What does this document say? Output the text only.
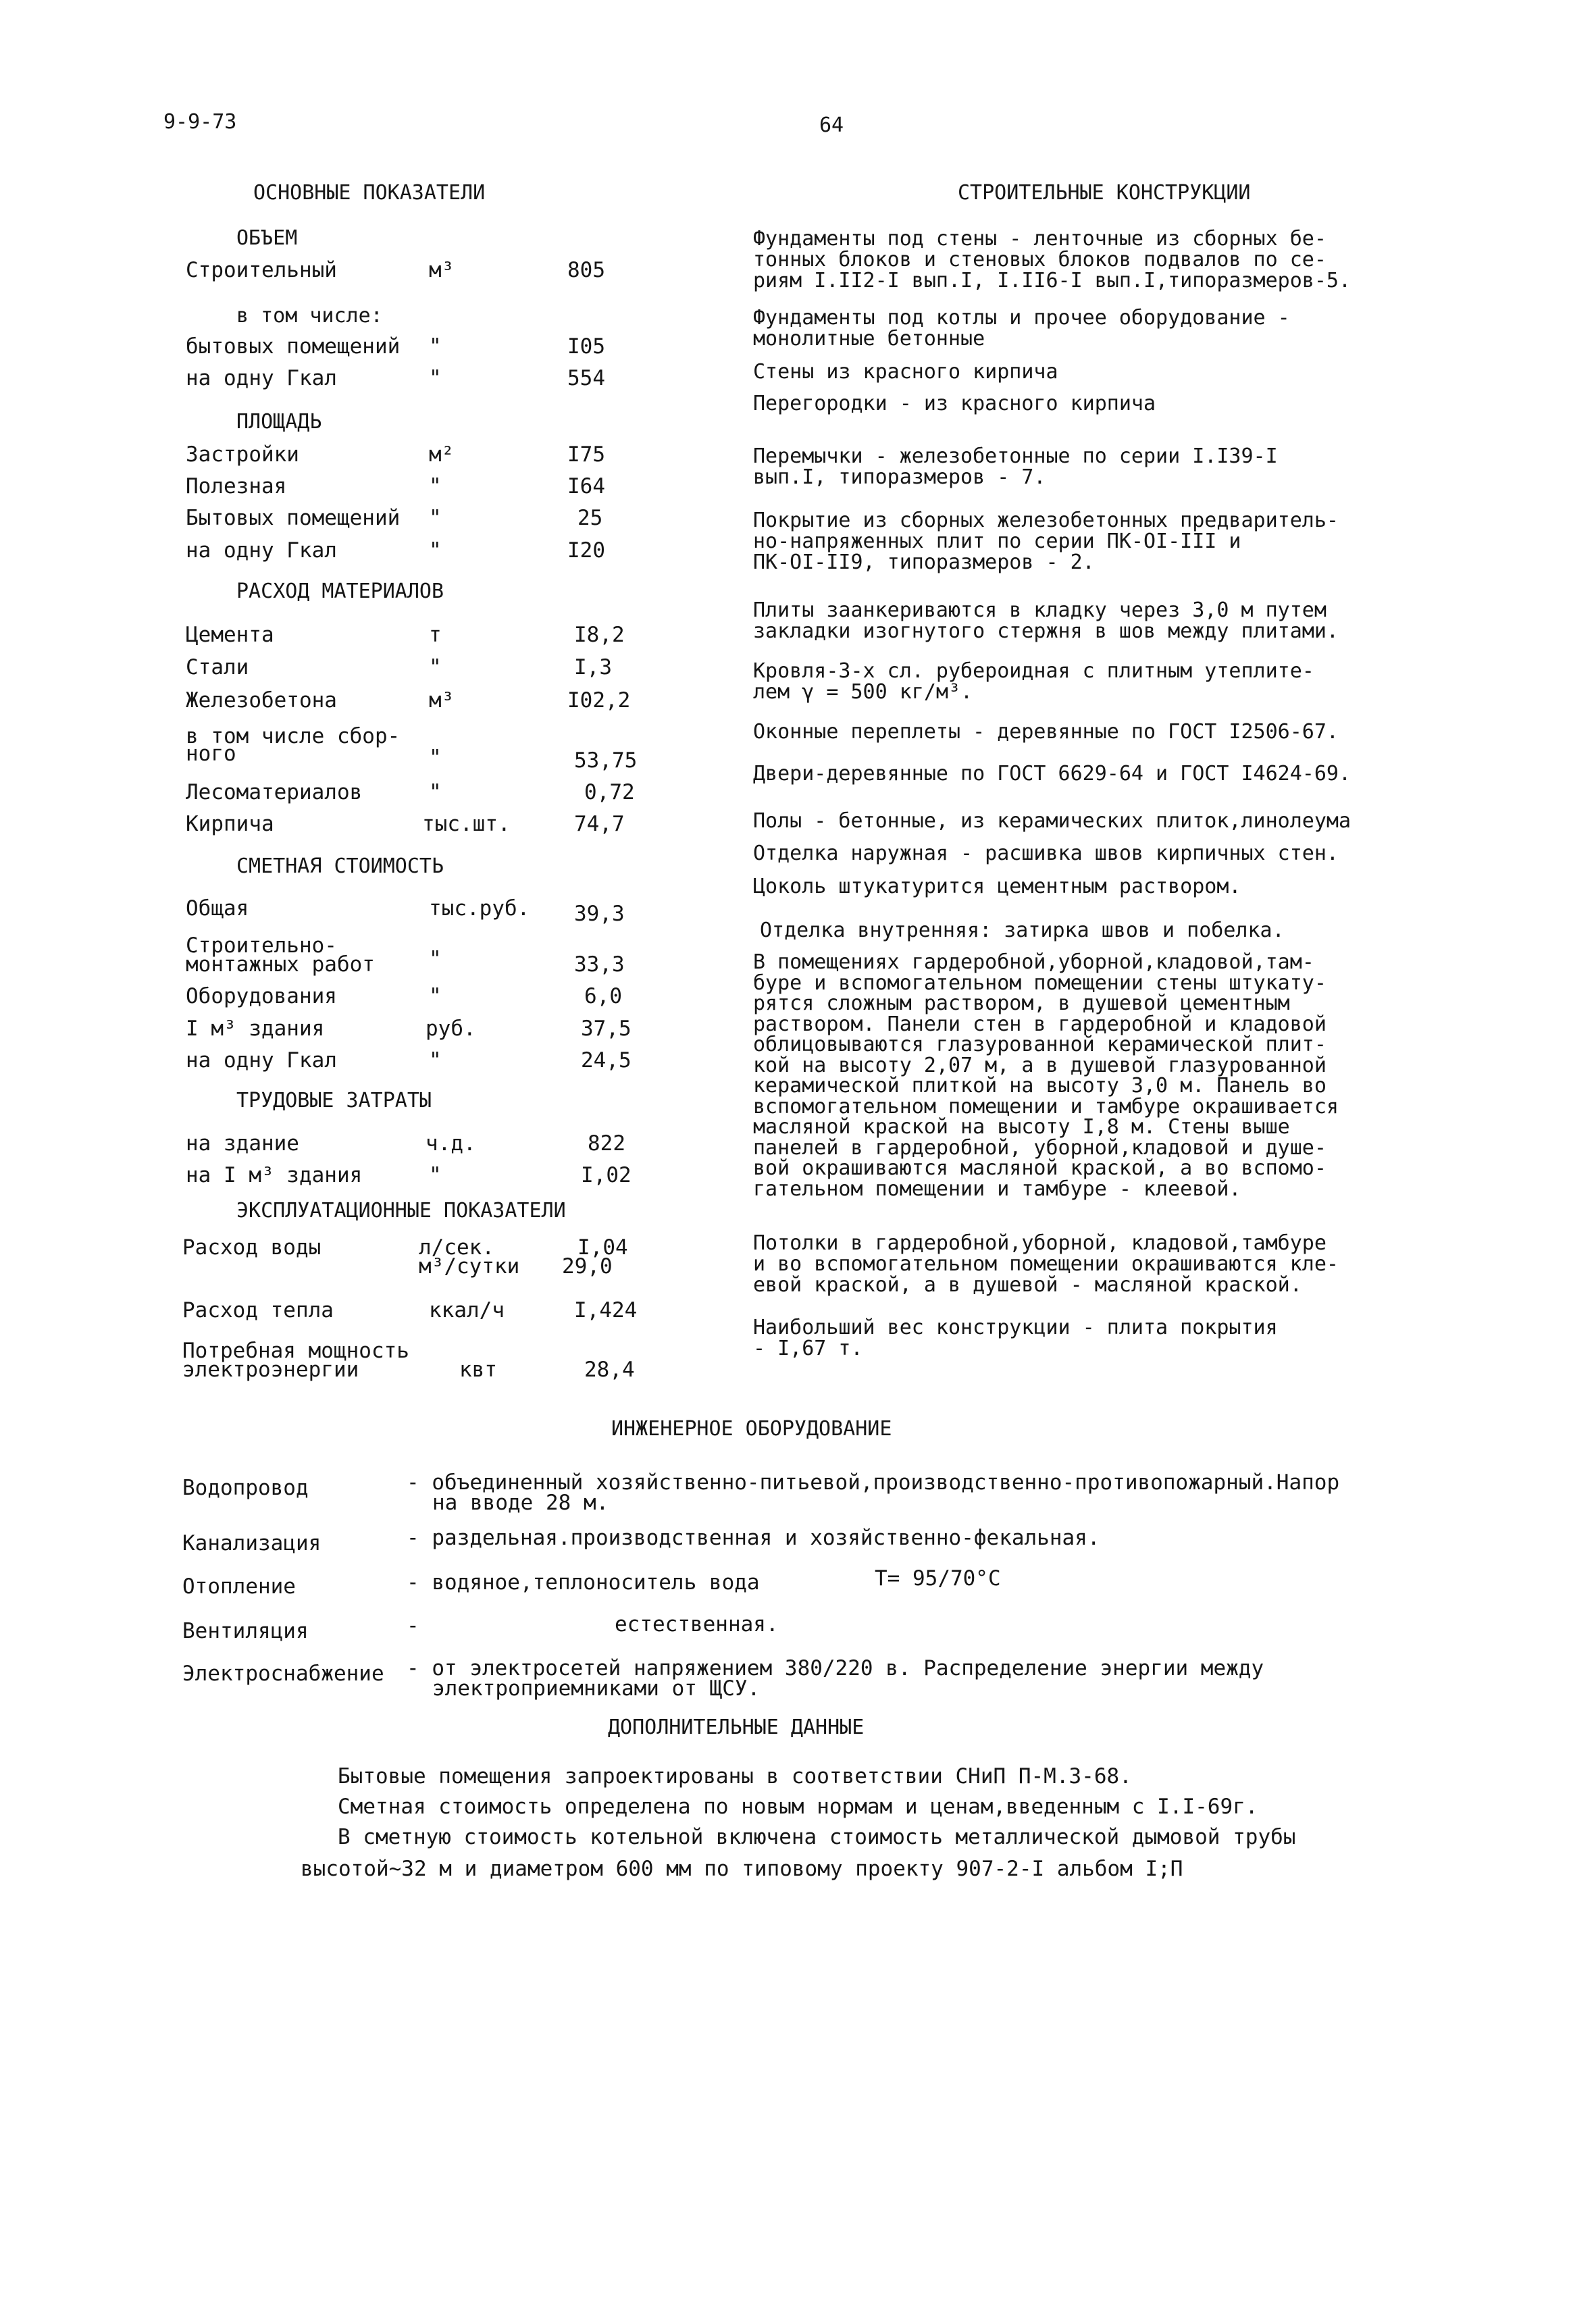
9-9-73	64
ОСНОВНЫЕ ПОКАЗАТЕЛИ
ОБЪЕМ
Строительный	м³	805
в том числе:
бытовых помещений "	I05
на одну Гкал	"	554
ПЛОЩАДЬ
Застройки	м²	I75
Полезная	"	I64
Бытовых помещений "	25
на одну Гкал	"	I20
РАСХОД МАТЕРИАЛОВ
Цемента	т	I8,2
Стали	"	I,3
Железобетона	м³	I02,2
в том числе сбор-
ного	"	53,75
Лесоматериалов	"	0,72
Кирпича	тыс.шт.	74,7
СМЕТНАЯ СТОИМОСТЬ
Общая	тыс.руб. 39,3
Строительно-
монтажных работ	"	33,3
Оборудования	"	6,0
I м³ здания	руб.	37,5
на одну Гкал	"	24,5
ТРУДОВЫЕ ЗАТРАТЫ
на здание	ч.д.	822
на I м³ здания	"	I,02
ЭКСПЛУАТАЦИОННЫЕ ПОКАЗАТЕЛИ
Расход воды	л/сек.	I,04
м³/сутки 29,0
Расход тепла	ккал/ч	I,424
Потребная мощность
электроэнергии	квт	28,4
СТРОИТЕЛЬНЫЕ КОНСТРУКЦИИ
Фундаменты под стены - ленточные из сборных бе-
тонных блоков и стеновых блоков подвалов по се-
риям I.II2-I вып.I, I.II6-I вып.I,типоразмеров-5.
Фундаменты под котлы и прочее оборудование -
монолитные бетонные
Стены из красного кирпича
Перегородки - из красного кирпича
Перемычки - железобетонные по серии I.I39-I
вып.I, типоразмеров - 7.
Покрытие из сборных железобетонных предваритель-
но-напряженных плит по серии ПК-OI-III и
ПК-OI-II9, типоразмеров - 2.
Плиты заанкериваются в кладку через 3,0 м путем
закладки изогнутого стержня в шов между плитами.
Кровля-3-х сл. рубероидная с плитным утеплите-
лем γ = 500 кг/м³.
Оконные переплеты - деревянные по ГОСТ I2506-67.
Двери-деревянные по ГОСТ 6629-64 и ГОСТ I4624-69.
Полы - бетонные, из керамических плиток,линолеума
Отделка наружная - расшивка швов кирпичных стен.
Цоколь штукатурится цементным раствором.
Отделка внутренняя: затирка швов и побелка.
В помещениях гардеробной,уборной,кладовой,там-
буре и вспомогательном помещении стены штукату-
рятся сложным раствором, в душевой цементным
раствором. Панели стен в гардеробной и кладовой
облицовываются глазурованной керамической плит-
кой на высоту 2,07 м, а в душевой глазурованной
керамической плиткой на высоту 3,0 м. Панель во
вспомогательном помещении и тамбуре окрашивается
масляной краской на высоту I,8 м. Стены выше
панелей в гардеробной, уборной,кладовой и душе-
вой окрашиваются масляной краской, а во вспомо-
гательном помещении и тамбуре - клеевой.
Потолки в гардеробной,уборной, кладовой,тамбуре
и во вспомогательном помещении окрашиваются кле-
евой краской, а в душевой - масляной краской.
Наибольший вес конструкции - плита покрытия
- I,67 т.
ИНЖЕНЕРНОЕ ОБОРУДОВАНИЕ
Водопровод	- объединенный хозяйственно-питьевой,производственно-противопожарный.Напор
на вводе 28 м.
Канализация	- раздельная.производственная и хозяйственно-фекальная.
Отопление	- водяное,теплоноситель вода	T= 95/70°C
Вентиляция	-	естественная.
Электроснабжение - от электросетей напряжением 380/220 в. Распределение энергии между
электроприемниками от ЩСУ.
ДОПОЛНИТЕЛЬНЫЕ ДАННЫЕ
Бытовые помещения запроектированы в соответствии СНиП П-М.3-68.
Сметная стоимость определена по новым нормам и ценам,введенным с I.I-69г.
В сметную стоимость котельной включена стоимость металлической дымовой трубы
высотой~32 м и диаметром 600 мм по типовому проекту 907-2-I альбом I;П
